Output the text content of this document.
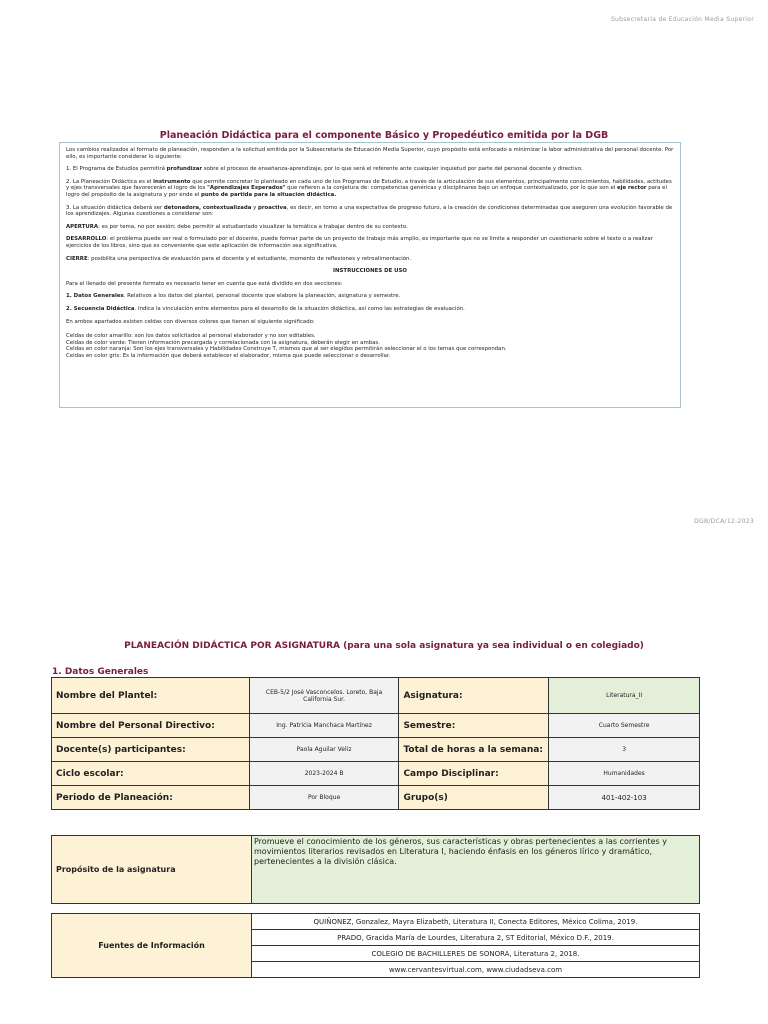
Subsecretaría de Educación Media Superior
Planeación Didáctica para el componente Básico y Propedéutico emitida por la DGB

Los cambios realizados al formato de planeación, responden a la solicitud emitida por la Subsecretaría de Educación Media Superior, cuyo propósito está enfocado a minimizar la labor administrativa del personal docente. Por ello, es importante considerar lo siguiente:

1. El Programa de Estudios permitirá profundizar sobre el proceso de enseñanza-aprendizaje, por lo que será el referente ante cualquier inquietud por parte del personal docente y directivo.

2. La Planeación Didáctica es el instrumento que permite concretar lo planteado en cada uno de los Programas de Estudio, a través de la articulación de sus elementos, principalmente conocimientos, habilidades, actitudes y ejes transversales que favorecerán el logro de los "Aprendizajes Esperados" que refieren a la conjetura de: competencias genéricas y disciplinares bajo un enfoque contextualizado, por lo que son el eje rector para el logro del propósito de la asignatura y por ende el punto de partida para la situación didáctica.

3. La situación didáctica deberá ser detonadora, contextualizada y proactiva, es decir, en torno a una expectativa de progreso futuro, a la creación de condiciones determinadas que aseguren una evolución favorable de los aprendizajes. Algunas cuestiones a considerar son:

APERTURA: es por tema, no por sesión; debe permitir al estudiantado visualizar la temática a trabajar dentro de su contexto.

DESARROLLO: el problema puede ser real o formulado por el docente, puede formar parte de un proyecto de trabajo más amplio, es importante que no se limite a responder un cuestionario sobre el texto o a realizar ejercicios de los libros, sino que es conveniente que este aplicación de información sea significativa.

CIERRE: posibilita una perspectiva de evaluación para el docente y el estudiante, momento de reflexiones y retroalimentación.

INSTRUCCIONES DE USO

Para el llenado del presente formato es necesario tener en cuenta que está dividido en dos secciones:

1. Datos Generales. Relativos a los datos del plantel, personal docente que elabore la planeación, asignatura y semestre.

2. Secuencia Didáctica. Indica la vinculación entre elementos para el desarrollo de la situación didáctica, así como las estrategias de evaluación.

En ambos apartados existen celdas con diversos colores que tienen el siguiente significado:

Celdas de color amarillo: son los datos solicitados al personal elaborador y no son editables.

Celdas de color verde: Tienen información precargada y correlacionada con la asignatura, deberán elegir en ambas.

Celdas en color naranja: Son los ejes transversales y Habilidades Construye T, mismos que al ser elegidos permitirán seleccionar el o los temas que correspondan.

Celdas en color gris: Es la información que deberá establecer el elaborador, misma que puede seleccionar o desarrollar.

DGB/DCA/12-2023
PLANEACIÓN DIDÁCTICA POR ASIGNATURA (para una sola asignatura ya sea individual o en colegiado)
1. Datos Generales
Nombre del Plantel:	CEB-5/2 José Vasconcelos. Loreto, Baja California Sur.	Asignatura:	Literatura_II
Nombre del Personal Directivo:	Ing. Patricia Manchaca Martínez	Semestre:	Cuarto Semestre
Docente(s) participantes:	Paola Aguilar Veliz	Total de horas a la semana:	3
Ciclo escolar:	2023-2024 B	Campo Disciplinar:	Humanidades
Periodo de Planeación:	Por Bloque	Grupo(s)	401-402-103
Propósito de la asignatura	Promueve el conocimiento de los géneros, sus características y obras pertenecientes a las corrientes y movimientos literarios revisados en Literatura I, haciendo énfasis en los géneros lírico y dramático, pertenecientes a la división clásica.
Fuentes de Información	QUIÑONEZ, Gonzalez, Mayra Elizabeth, Literatura II, Conecta Editores, México Colima, 2019.
PRADO, Gracida María de Lourdes, Literatura 2, ST Editorial, México D.F., 2019.
COLEGIO DE BACHILLERES DE SONORA, Literatura 2, 2018.
www.cervantesvirtual.com, www.ciudadseva.com
